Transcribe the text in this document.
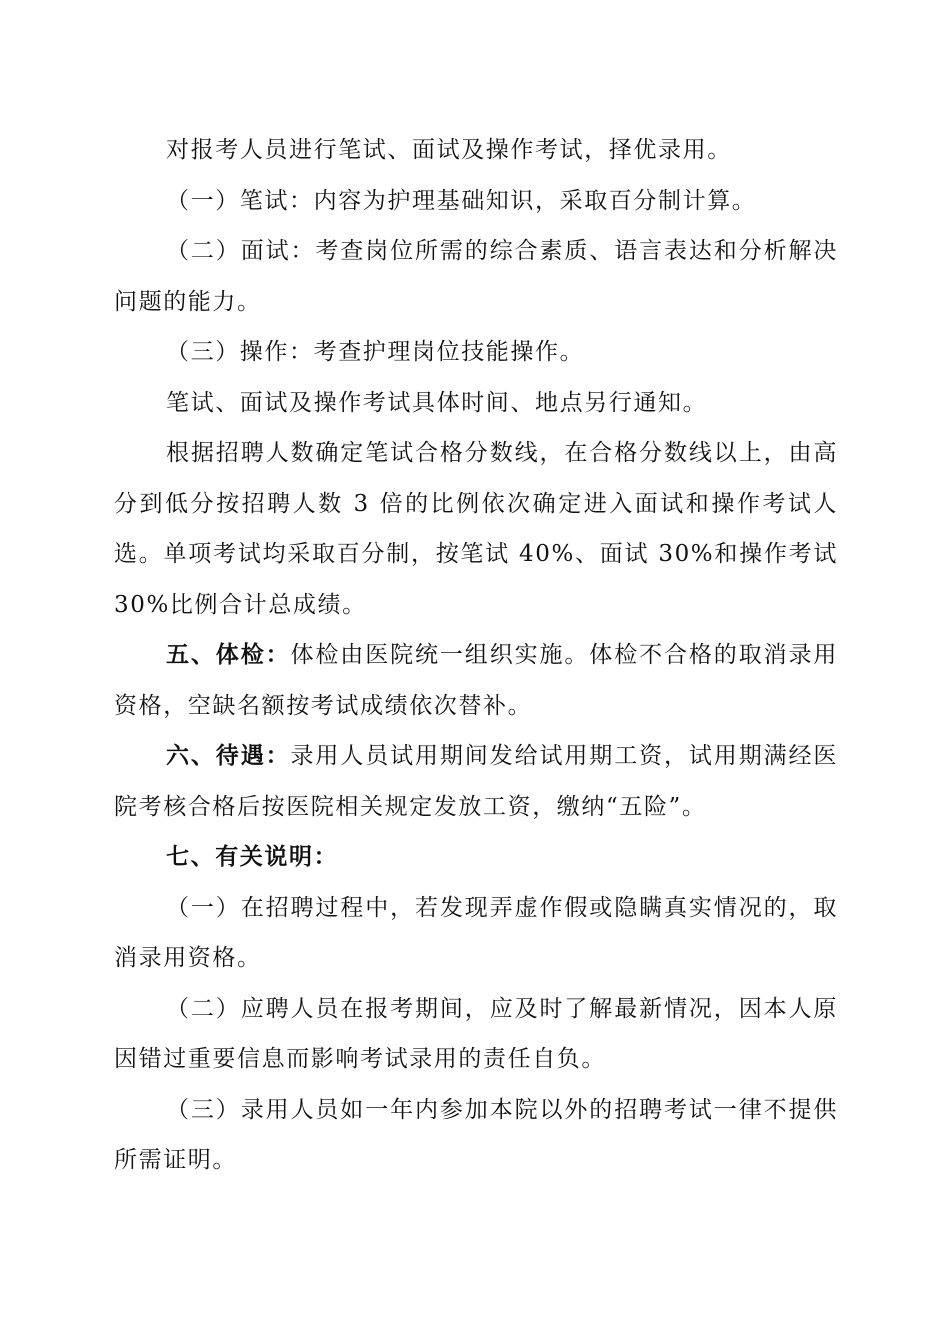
对报考人员进行笔试、面试及操作考试，择优录用。

（一）笔试：内容为护理基础知识，采取百分制计算。

（二）面试：考查岗位所需的综合素质、语言表达和分析解决问题的能力。

（三）操作：考查护理岗位技能操作。

笔试、面试及操作考试具体时间、地点另行通知。

根据招聘人数确定笔试合格分数线，在合格分数线以上，由高分到低分按招聘人数 3 倍的比例依次确定进入面试和操作考试人选。单项考试均采取百分制，按笔试 40%、面试 30%和操作考试 30%比例合计总成绩。

五、体检：体检由医院统一组织实施。体检不合格的取消录用资格，空缺名额按考试成绩依次替补。

六、待遇：录用人员试用期间发给试用期工资，试用期满经医院考核合格后按医院相关规定发放工资，缴纳“五险”。

七、有关说明：

（一）在招聘过程中，若发现弄虚作假或隐瞒真实情况的，取消录用资格。

（二）应聘人员在报考期间，应及时了解最新情况，因本人原因错过重要信息而影响考试录用的责任自负。

（三）录用人员如一年内参加本院以外的招聘考试一律不提供所需证明。
